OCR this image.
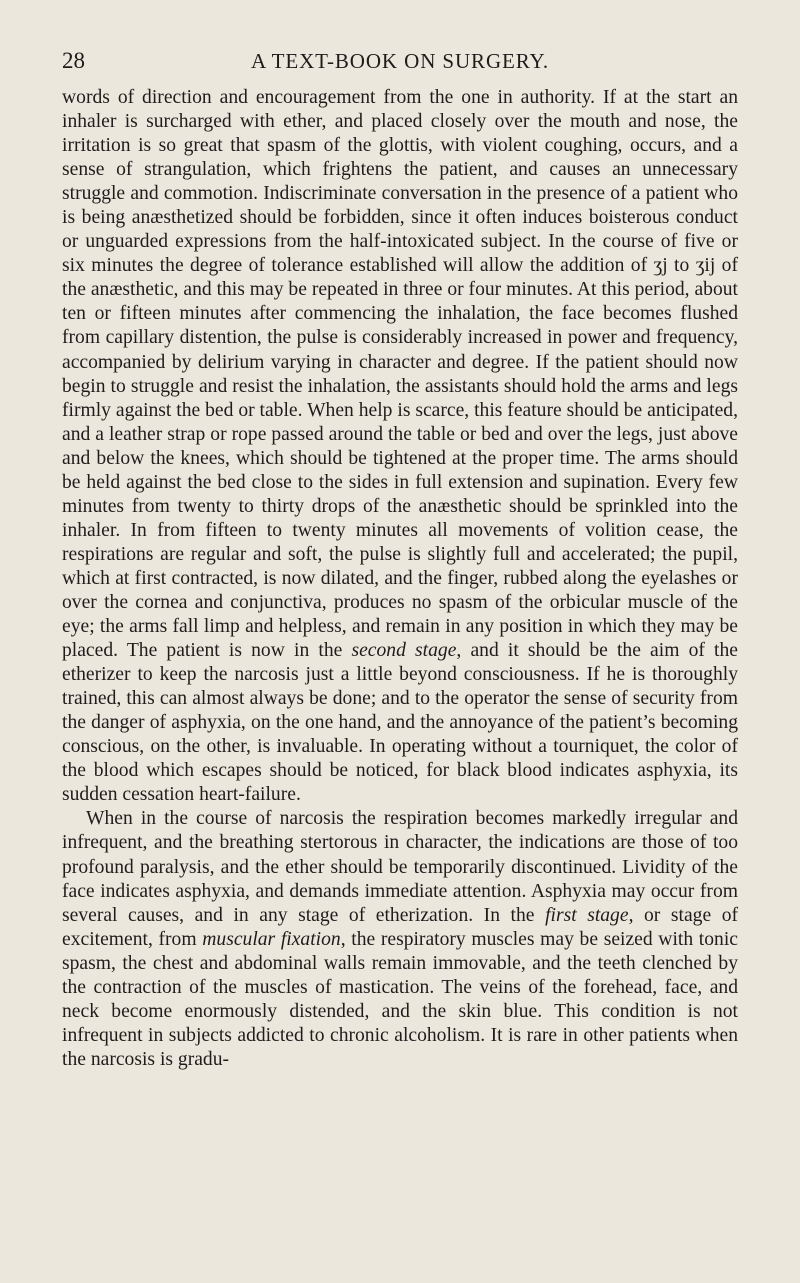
28	A TEXT-BOOK ON SURGERY.

words of direction and encouragement from the one in authority. If at the start an inhaler is surcharged with ether, and placed closely over the mouth and nose, the irritation is so great that spasm of the glottis, with violent coughing, occurs, and a sense of strangulation, which frightens the patient, and causes an unnecessary struggle and commotion. Indiscriminate conversation in the presence of a patient who is being anæsthetized should be forbidden, since it often induces boisterous conduct or unguarded expressions from the half-intoxicated subject. In the course of five or six minutes the degree of tolerance established will allow the addition of ʒj to ʒij of the anæsthetic, and this may be repeated in three or four minutes. At this period, about ten or fifteen minutes after commencing the inhalation, the face becomes flushed from capillary distention, the pulse is considerably increased in power and frequency, accompanied by delirium varying in character and degree. If the patient should now begin to struggle and resist the inhalation, the assistants should hold the arms and legs firmly against the bed or table. When help is scarce, this feature should be anticipated, and a leather strap or rope passed around the table or bed and over the legs, just above and below the knees, which should be tightened at the proper time. The arms should be held against the bed close to the sides in full extension and supination. Every few minutes from twenty to thirty drops of the anæsthetic should be sprinkled into the inhaler. In from fifteen to twenty minutes all movements of volition cease, the respirations are regular and soft, the pulse is slightly full and accelerated; the pupil, which at first contracted, is now dilated, and the finger, rubbed along the eyelashes or over the cornea and conjunctiva, produces no spasm of the orbicular muscle of the eye; the arms fall limp and helpless, and remain in any position in which they may be placed. The patient is now in the second stage, and it should be the aim of the etherizer to keep the narcosis just a little beyond consciousness. If he is thoroughly trained, this can almost always be done; and to the operator the sense of security from the danger of asphyxia, on the one hand, and the annoyance of the patient’s becoming conscious, on the other, is invaluable. In operating without a tourniquet, the color of the blood which escapes should be noticed, for black blood indicates asphyxia, its sudden cessation heart-failure.

When in the course of narcosis the respiration becomes markedly irregular and infrequent, and the breathing stertorous in character, the indications are those of too profound paralysis, and the ether should be temporarily discontinued. Lividity of the face indicates asphyxia, and demands immediate attention. Asphyxia may occur from several causes, and in any stage of etherization. In the first stage, or stage of excitement, from muscular fixation, the respiratory muscles may be seized with tonic spasm, the chest and abdominal walls remain immovable, and the teeth clenched by the contraction of the muscles of mastication. The veins of the forehead, face, and neck become enormously distended, and the skin blue. This condition is not infrequent in subjects addicted to chronic alcoholism. It is rare in other patients when the narcosis is gradu-
